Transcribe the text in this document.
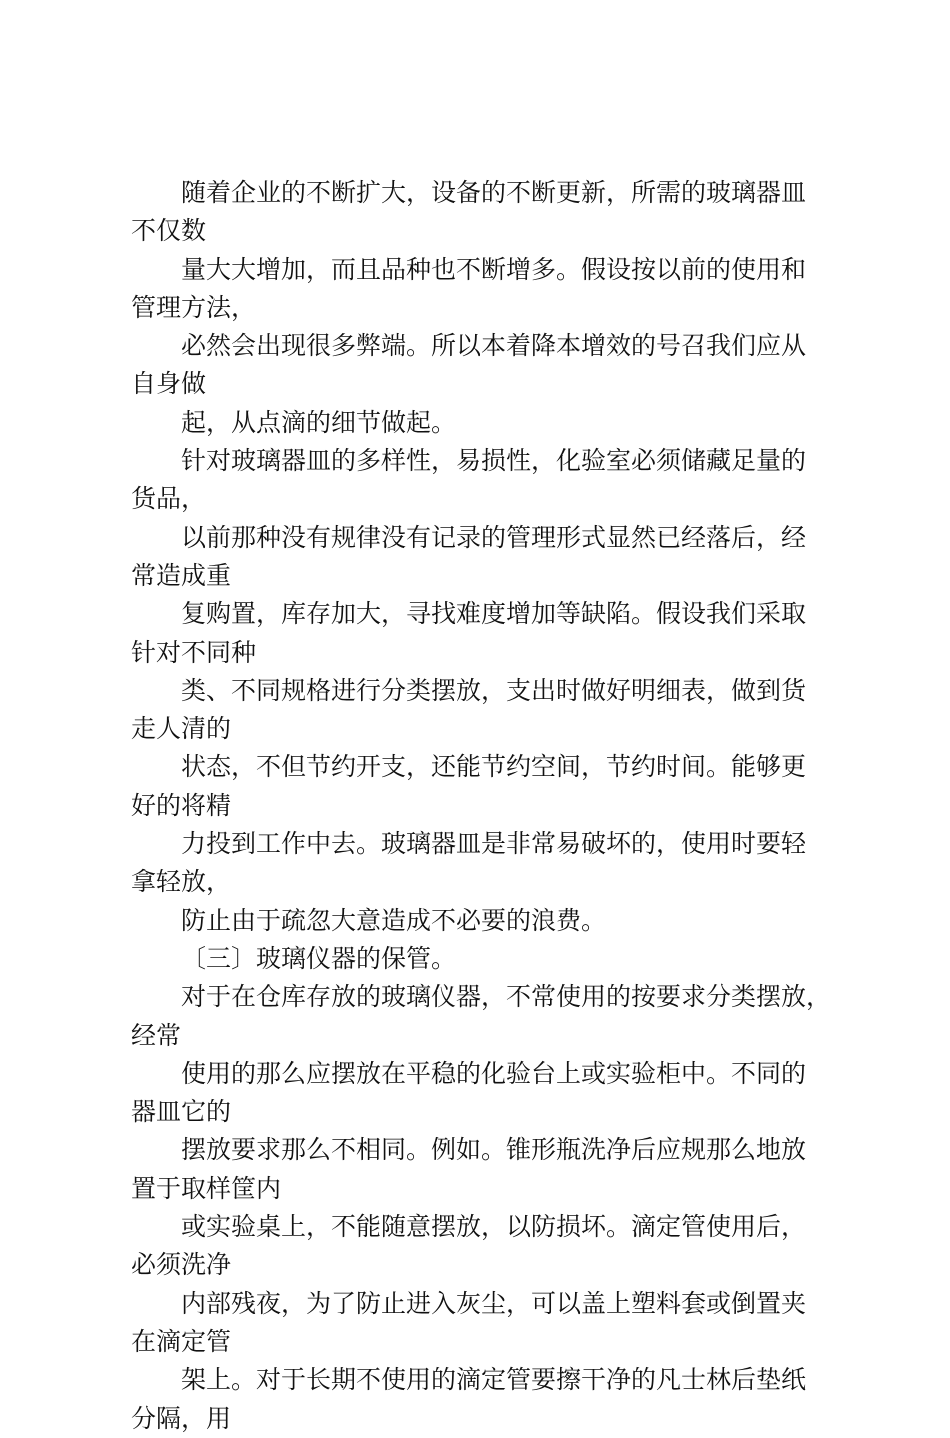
随着企业的不断扩大，设备的不断更新，所需的玻璃器皿
不仅数
量大大增加，而且品种也不断增多。假设按以前的使用和
管理方法，
必然会出现很多弊端。所以本着降本增效的号召我们应从
自身做
起，从点滴的细节做起。
针对玻璃器皿的多样性，易损性，化验室必须储藏足量的
货品，
以前那种没有规律没有记录的管理形式显然已经落后，经
常造成重
复购置，库存加大，寻找难度增加等缺陷。假设我们采取
针对不同种
类、不同规格进行分类摆放，支出时做好明细表，做到货
走人清的
状态，不但节约开支，还能节约空间，节约时间。能够更
好的将精
力投到工作中去。玻璃器皿是非常易破坏的，使用时要轻
拿轻放，
防止由于疏忽大意造成不必要的浪费。
〔三〕玻璃仪器的保管。
对于在仓库存放的玻璃仪器，不常使用的按要求分类摆放，
经常
使用的那么应摆放在平稳的化验台上或实验柜中。不同的
器皿它的
摆放要求那么不相同。例如。锥形瓶洗净后应规那么地放
置于取样筐内
或实验桌上，不能随意摆放，以防损坏。滴定管使用后，
必须洗净
内部残夜，为了防止进入灰尘，可以盖上塑料套或倒置夹
在滴定管
架上。对于长期不使用的滴定管要擦干净的凡士林后垫纸
分隔，用
